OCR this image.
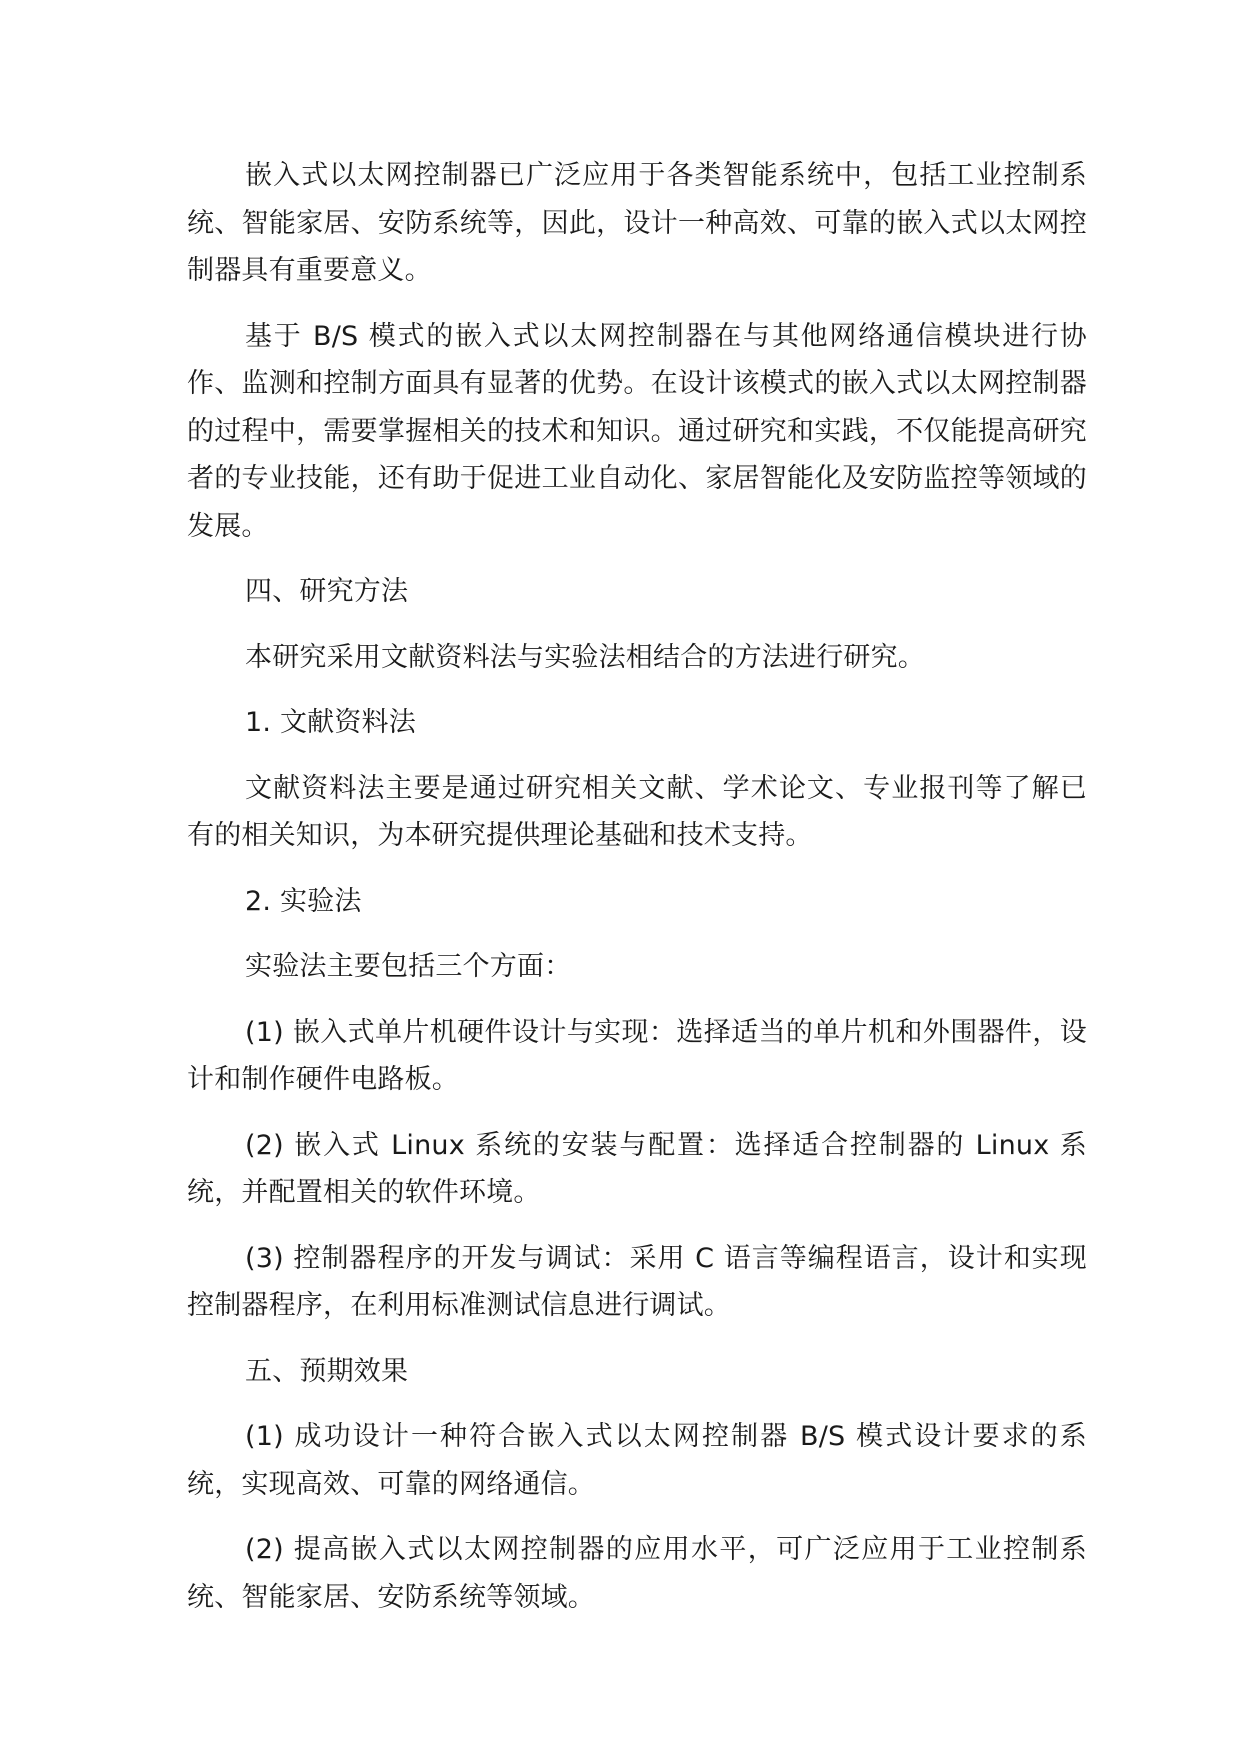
嵌入式以太网控制器已广泛应用于各类智能系统中，包括工业控制系统、智能家居、安防系统等，因此，设计一种高效、可靠的嵌入式以太网控制器具有重要意义。

基于 B/S 模式的嵌入式以太网控制器在与其他网络通信模块进行协作、监测和控制方面具有显著的优势。在设计该模式的嵌入式以太网控制器的过程中，需要掌握相关的技术和知识。通过研究和实践，不仅能提高研究者的专业技能，还有助于促进工业自动化、家居智能化及安防监控等领域的发展。

四、研究方法

本研究采用文献资料法与实验法相结合的方法进行研究。

1. 文献资料法

文献资料法主要是通过研究相关文献、学术论文、专业报刊等了解已有的相关知识，为本研究提供理论基础和技术支持。

2. 实验法

实验法主要包括三个方面：

(1) 嵌入式单片机硬件设计与实现：选择适当的单片机和外围器件，设计和制作硬件电路板。

(2) 嵌入式 Linux 系统的安装与配置：选择适合控制器的 Linux 系统，并配置相关的软件环境。

(3) 控制器程序的开发与调试：采用 C 语言等编程语言，设计和实现控制器程序，在利用标准测试信息进行调试。

五、预期效果

(1) 成功设计一种符合嵌入式以太网控制器 B/S 模式设计要求的系统，实现高效、可靠的网络通信。

(2) 提高嵌入式以太网控制器的应用水平，可广泛应用于工业控制系统、智能家居、安防系统等领域。
